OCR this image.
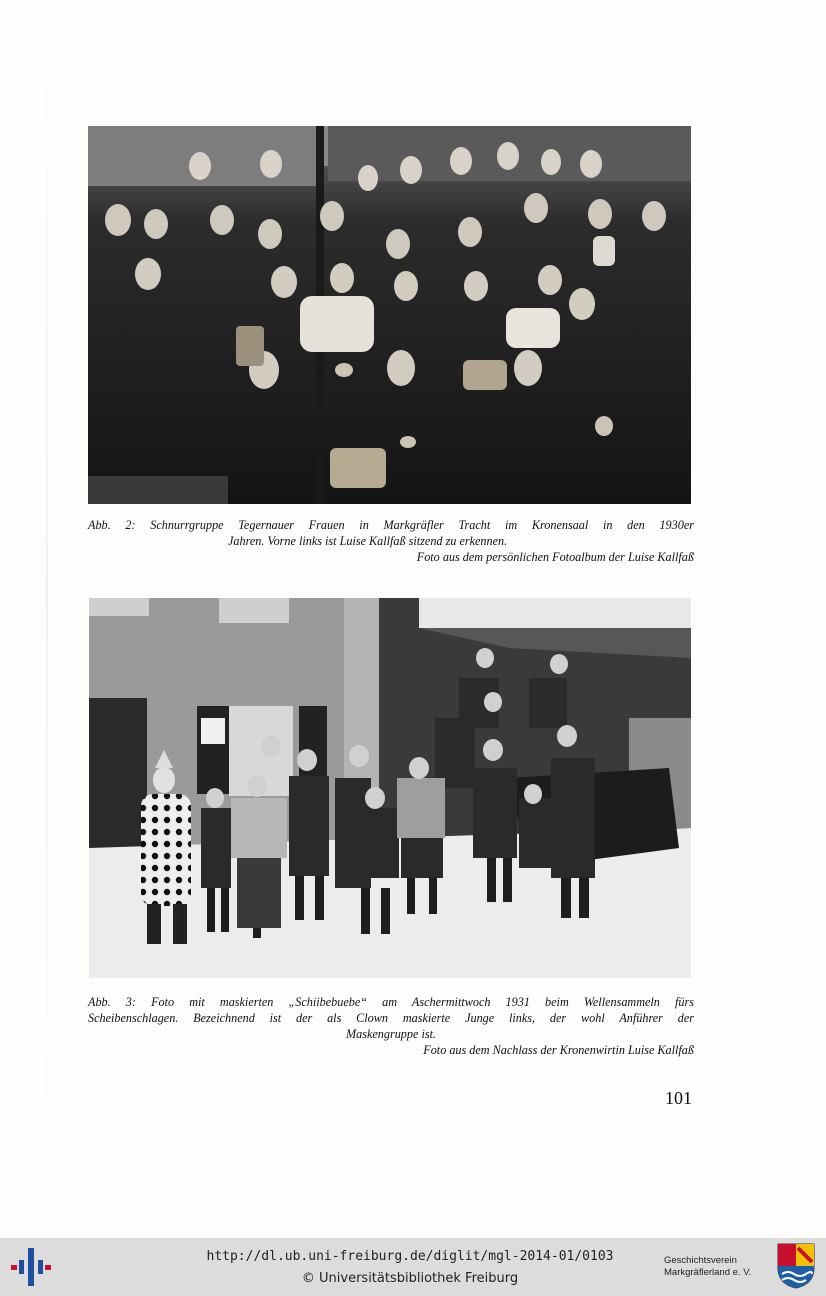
Abb. 2: Schnurrgruppe Tegernauer Frauen in Markgräfler Tracht im Kronensaal in den 1930er
Jahren. Vorne links ist Luise Kallfaß sitzend zu erkennen.
Foto aus dem persönlichen Fotoalbum der Luise Kallfaß
Abb. 3: Foto mit maskierten „Schiibebuebe“ am Aschermittwoch 1931 beim Wellensammeln fürs
Scheibenschlagen. Bezeichnend ist der als Clown maskierte Junge links, der wohl Anführer der
Maskengruppe ist.
Foto aus dem Nachlass der Kronenwirtin Luise Kallfaß
101
http://dl.ub.uni-freiburg.de/diglit/mgl-2014-01/0103
© Universitätsbibliothek Freiburg
Geschichtsverein
Markgräflerland e. V.
